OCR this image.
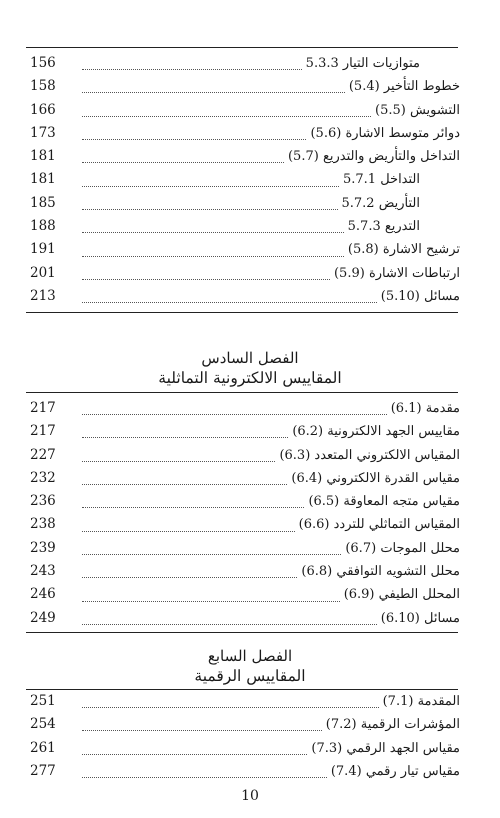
156	5.3.3 متوازيات التيار
158	(5.4) خطوط التأخير
166	(5.5) التشويش
173	(5.6) دوائر متوسط الاشارة
181	(5.7) التداخل والتأريض والتدريع
181	5.7.1 التداخل
185	5.7.2 التأريض
188	5.7.3 التدريع
191	(5.8) ترشيح الاشارة
201	(5.9) ارتباطات الاشارة
213	(5.10) مسائل
الفصل السادس
المقاييس الالكترونية التماثلية
217	(6.1) مقدمة
217	(6.2) مقاييس الجهد الالكترونية
227	(6.3) المقياس الالكتروني المتعدد
232	(6.4) مقياس القدرة الالكتروني
236	(6.5) مقياس متجه المعاوقة
238	(6.6) المقياس التماثلي للتردد
239	(6.7) محلل الموجات
243	(6.8) محلل التشويه التوافقي
246	(6.9) المحلل الطيفي
249	(6.10) مسائل
الفصل السابع
المقاييس الرقمية
251	(7.1) المقدمة
254	(7.2) المؤشرات الرقمية
261	(7.3) مقياس الجهد الرقمي
277	(7.4) مقياس تيار رقمي
10
